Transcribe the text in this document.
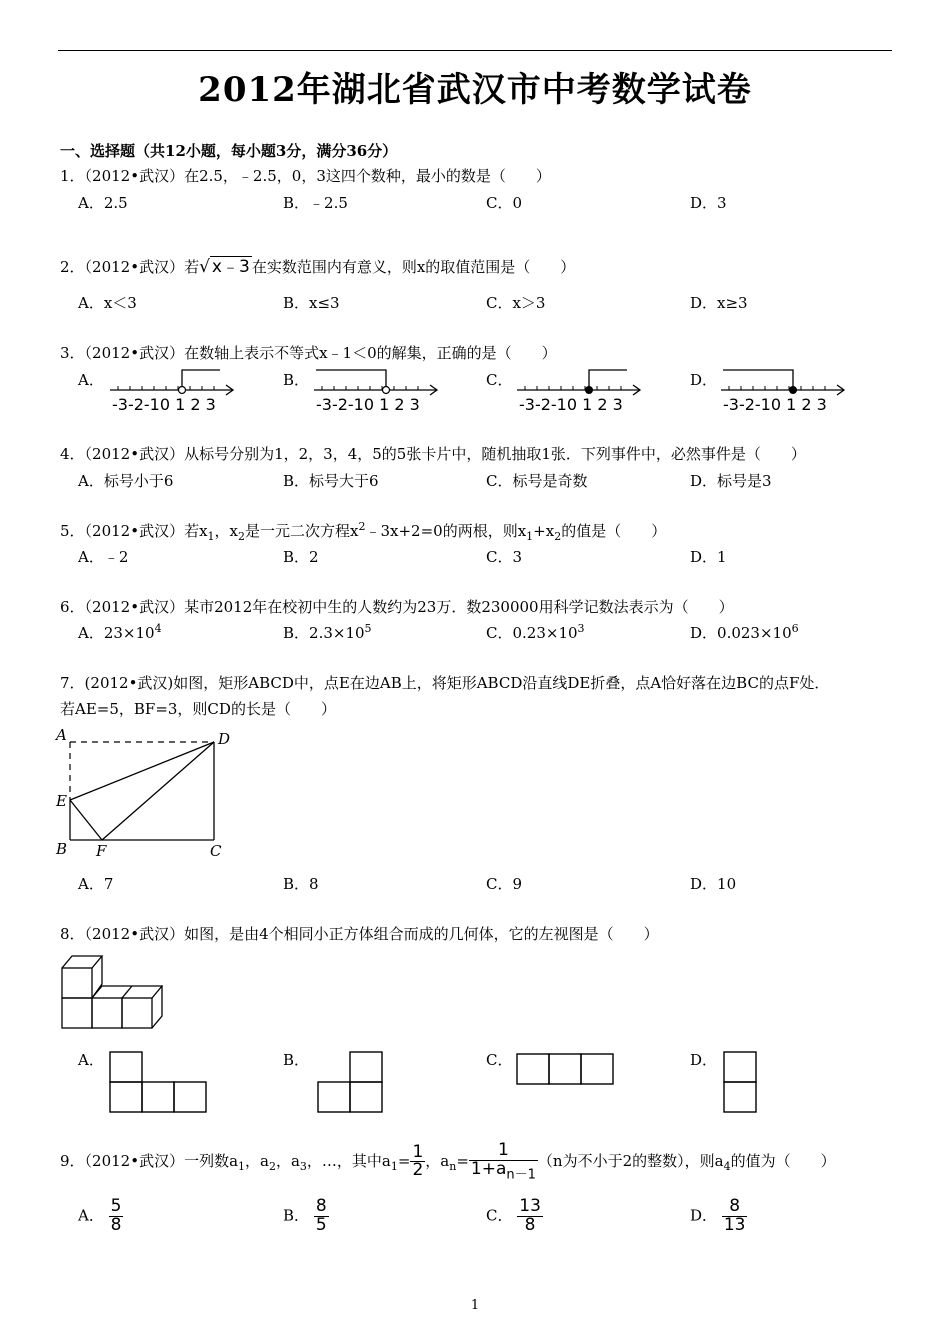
2012年湖北省武汉市中考数学试卷
一、选择题（共12小题，每小题3分，满分36分）
1．（2012•武汉）在2.5，﹣2.5，0，3这四个数种，最小的数是（　　）
A．2.5	B．﹣2.5	C．0	D．3
2．（2012•武汉）若√ x﹣3 在实数范围内有意义，则x的取值范围是（　　）
A．x＜3	B．x≤3	C．x＞3	D．x≥3
3．（2012•武汉）在数轴上表示不等式x﹣1＜0的解集，正确的是（　　）
A．	B．	C．	D．
-3-2-10 1 2 3	-3-2-10 1 2 3	-3-2-10 1 2 3	-3-2-10 1 2 3
4．（2012•武汉）从标号分别为1，2，3，4，5的5张卡片中，随机抽取1张．下列事件中，必然事件是（　　）
A．标号小于6	B．标号大于6	C．标号是奇数	D．标号是3
5．（2012•武汉）若$x_1$，$x_2$是一元二次方程$x^2﹣3x+2=0$的两根，则$x_1+x_2$的值是（　　）
A．﹣2	B．2	C．3	D．1
6．（2012•武汉）某市2012年在校初中生的人数约为23万．数230000用科学记数法表示为（　　）
A．$23\times 10^4$	B．$2.3\times 10^5$	C．$0.23\times 10^3$	D．$0.023\times 10^6$
7．(2012•武汉)如图，矩形ABCD中，点E在边AB上，将矩形ABCD沿直线DE折叠，点A恰好落在边BC的点F处．
若AE=5，BF=3，则CD的长是（　　）
A	D
E
B F	C
A．7	B．8	C．9	D．10
8．（2012•武汉）如图，是由4个相同小正方体组合而成的几何体，它的左视图是（　　）
A．	B．	C．	D．
9．（2012•武汉）一列数$a_1$，$a_2$，$a_3$，…，其中$a_1= \frac{1}{2}$ ，$a_n= \frac{1}{1+a_{n-1}} (n$为不小于2的整数），则$a_4$的值为（　　）
A． $\frac{5}{8}$	B． $\frac{8}{5}$	C． $\frac{13}{8}$	D． $\frac{8}{13}$
1
